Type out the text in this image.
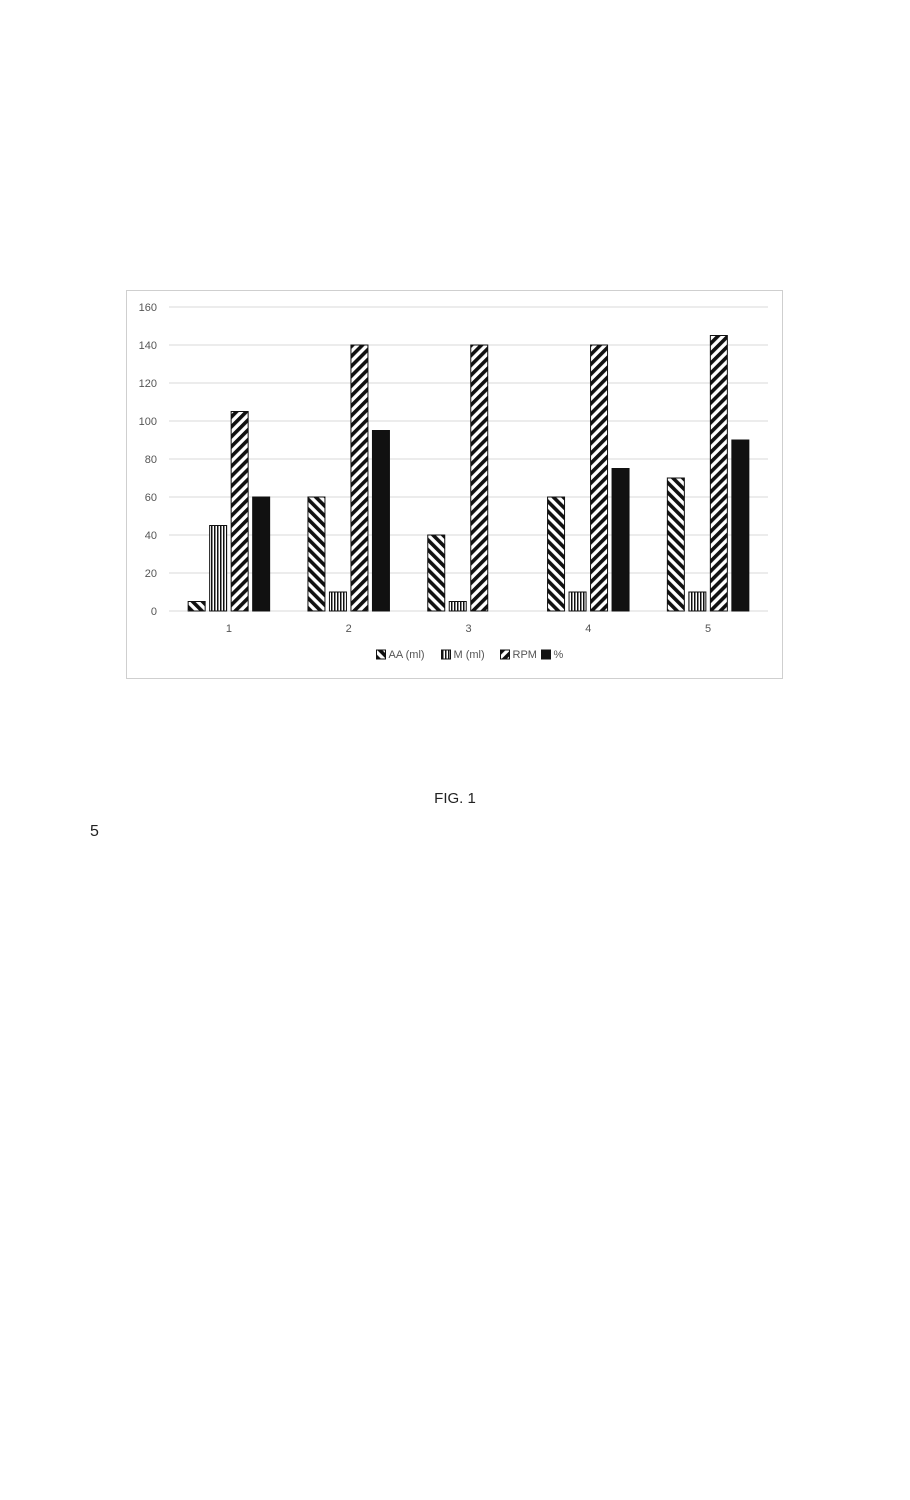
0
20
40
60
80
100
120
140
160
1	2	3	4	5
AA (ml)	M (ml)	RPM %
FIG. 1
5
